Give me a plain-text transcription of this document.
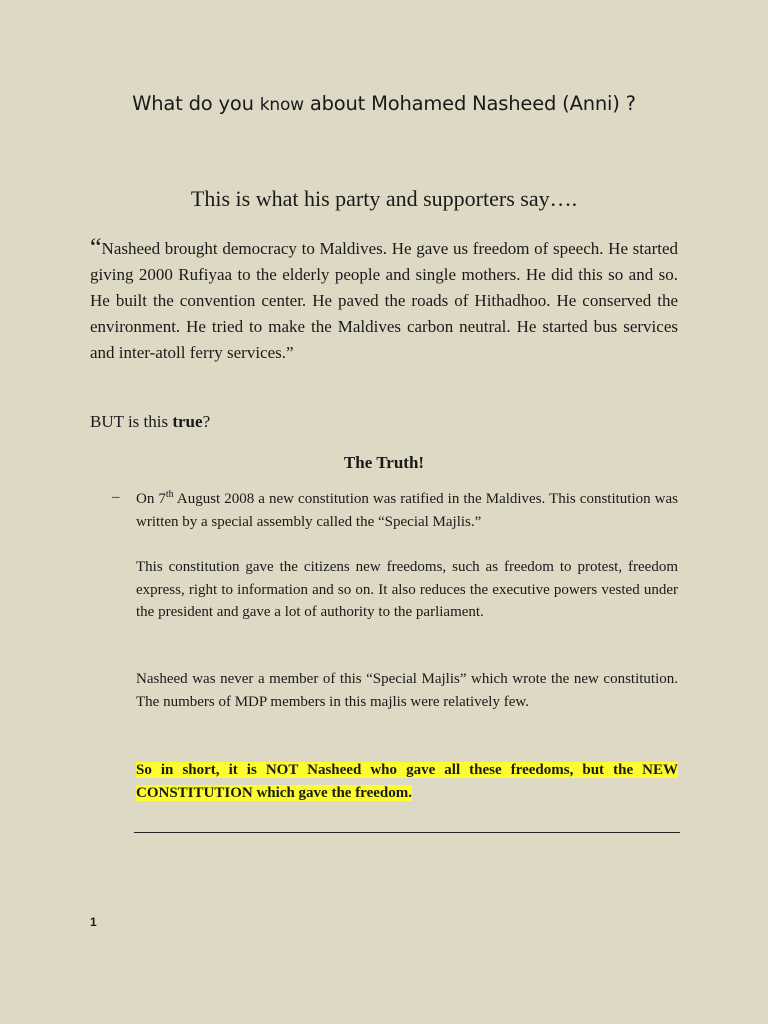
What do you know about Mohamed Nasheed (Anni) ?
This is what his party and supporters say….

“Nasheed brought democracy to Maldives. He gave us freedom of speech. He started giving 2000 Rufiyaa to the elderly people and single mothers. He did this so and so. He built the convention center. He paved the roads of Hithadhoo. He conserved the environment. He tried to make the Maldives carbon neutral. He started bus services and inter-atoll ferry services.”

BUT is this true?

The Truth!

– On 7th August 2008 a new constitution was ratified in the Maldives. This constitution was written by a special assembly called the “Special Majlis.”

This constitution gave the citizens new freedoms, such as freedom to protest, freedom express, right to information and so on. It also reduces the executive powers vested under the president and gave a lot of authority to the parliament.

Nasheed was never a member of this “Special Majlis” which wrote the new constitution. The numbers of MDP members in this majlis were relatively few.

So in short, it is NOT Nasheed who gave all these freedoms, but the NEW CONSTITUTION which gave the freedom.

1
